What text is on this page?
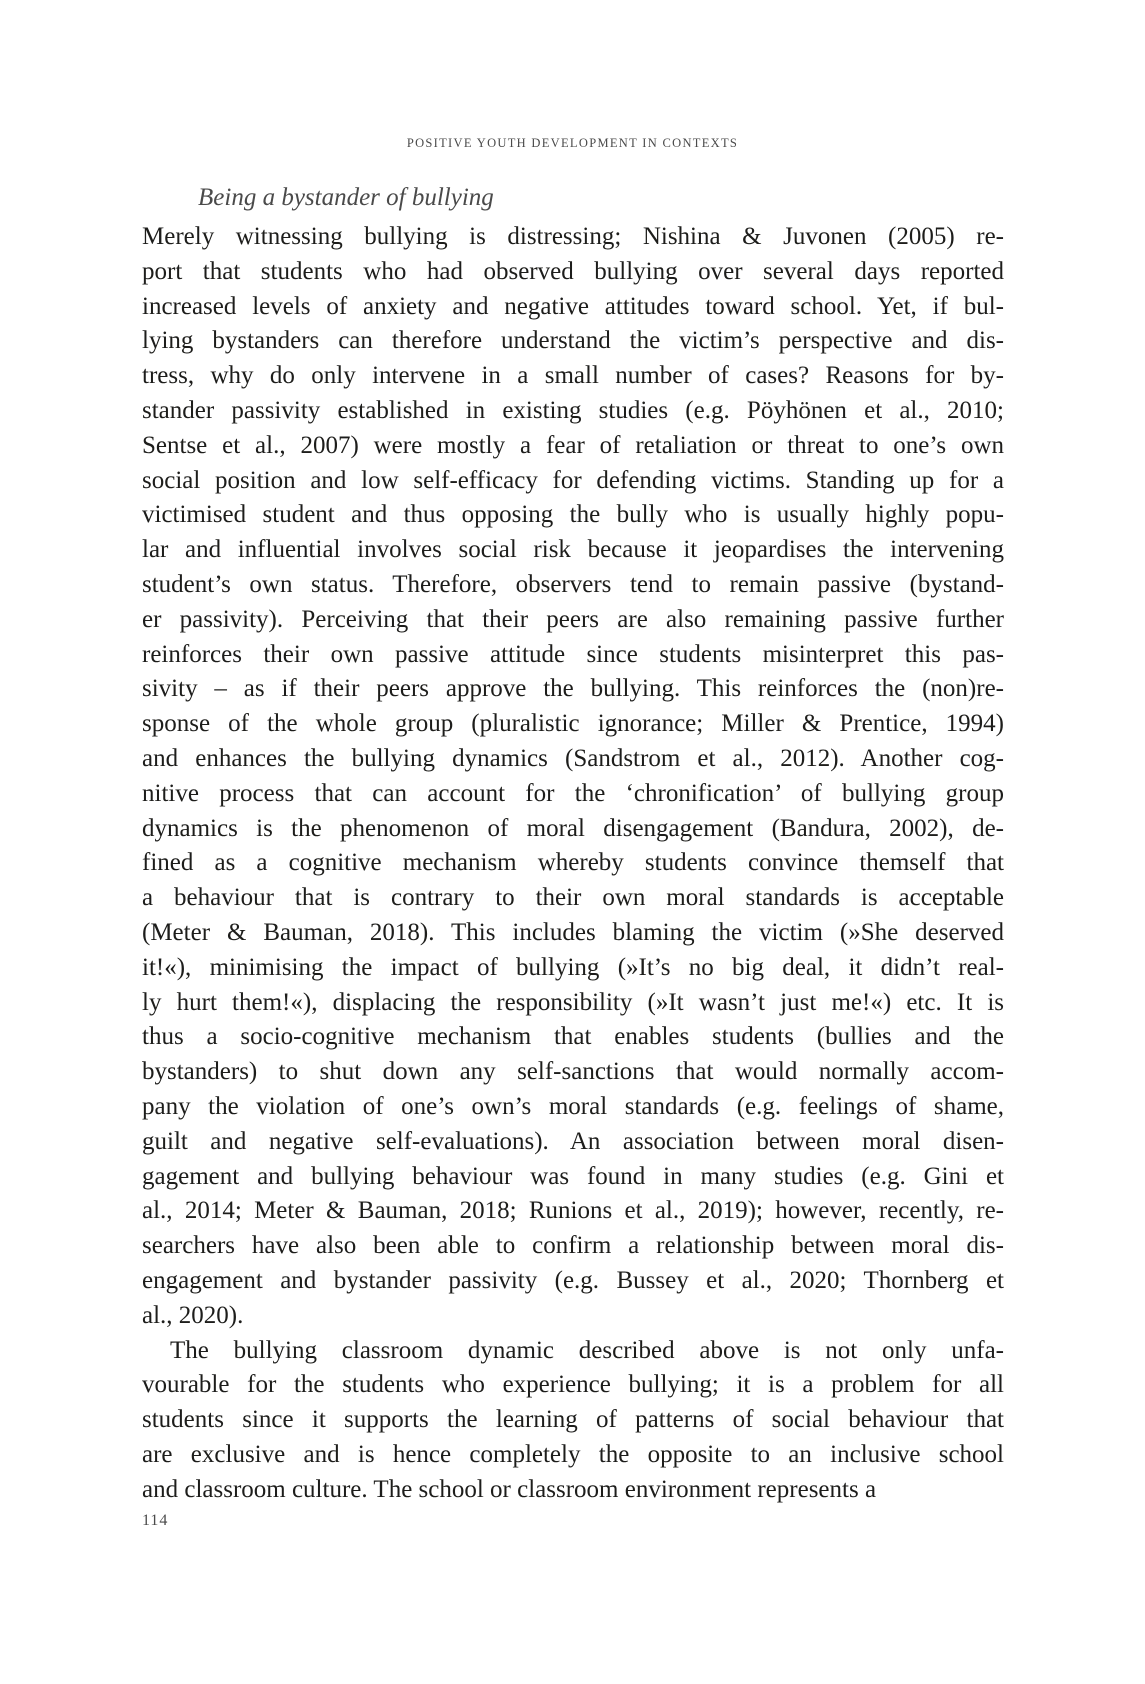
POSITIVE YOUTH DEVELOPMENT IN CONTEXTS
Being a bystander of bullying
Merely witnessing bullying is distressing; Nishina & Juvonen (2005) re-
port that students who had observed bullying over several days reported
increased levels of anxiety and negative attitudes toward school. Yet, if bul-
lying bystanders can therefore understand the victim’s perspective and dis-
tress, why do only intervene in a small number of cases? Reasons for by-
stander passivity established in existing studies (e.g. Pöyhönen et al., 2010;
Sentse et al., 2007) were mostly a fear of retaliation or threat to one’s own
social position and low self-efficacy for defending victims. Standing up for a
victimised student and thus opposing the bully who is usually highly popu-
lar and influential involves social risk because it jeopardises the intervening
student’s own status. Therefore, observers tend to remain passive (bystand-
er passivity). Perceiving that their peers are also remaining passive further
reinforces their own passive attitude since students misinterpret this pas-
sivity – as if their peers approve the bullying. This reinforces the (non)re-
sponse of the whole group (pluralistic ignorance; Miller & Prentice, 1994)
and enhances the bullying dynamics (Sandstrom et al., 2012). Another cog-
nitive process that can account for the ‘chronification’ of bullying group
dynamics is the phenomenon of moral disengagement (Bandura, 2002), de-
fined as a cognitive mechanism whereby students convince themself that
a behaviour that is contrary to their own moral standards is acceptable
(Meter & Bauman, 2018). This includes blaming the victim (»She deserved
it!«), minimising the impact of bullying (»It’s no big deal, it didn’t real-
ly hurt them!«), displacing the responsibility (»It wasn’t just me!«) etc. It is
thus a socio-cognitive mechanism that enables students (bullies and the
bystanders) to shut down any self-sanctions that would normally accom-
pany the violation of one’s own’s moral standards (e.g. feelings of shame,
guilt and negative self-evaluations). An association between moral disen-
gagement and bullying behaviour was found in many studies (e.g. Gini et
al., 2014; Meter & Bauman, 2018; Runions et al., 2019); however, recently, re-
searchers have also been able to confirm a relationship between moral dis-
engagement and bystander passivity (e.g. Bussey et al., 2020; Thornberg et
al., 2020).
The bullying classroom dynamic described above is not only unfa-
vourable for the students who experience bullying; it is a problem for all
students since it supports the learning of patterns of social behaviour that
are exclusive and is hence completely the opposite to an inclusive school
and classroom culture. The school or classroom environment represents a
114
